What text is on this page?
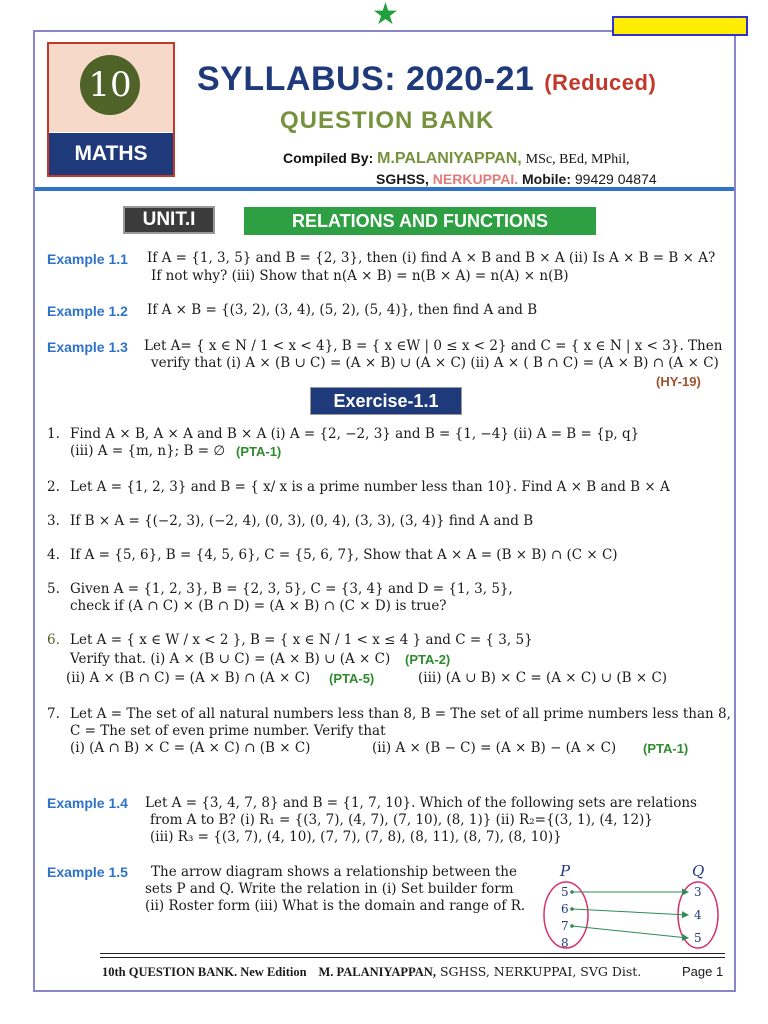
★
10
MATHS
SYLLABUS: 2020-21 (Reduced)
QUESTION BANK
Compiled By: M.PALANIYAPPAN, MSc, BEd, MPhil,
SGHSS, NERKUPPAI. Mobile: 99429 04874
UNIT.I	RELATIONS AND FUNCTIONS
Example 1.1 If A = {1, 3, 5} and B = {2, 3}, then (i) find A × B and B × A (ii) Is A × B = B × A?
If not why? (iii) Show that n(A × B) = n(B × A) = n(A) × n(B)
Example 1.2 If A × B = {(3, 2), (3, 4), (5, 2), (5, 4)}, then find A and B
Example 1.3 Let A= { x ∈ N / 1 < x < 4}, B = { x ∈W | 0 ≤ x < 2} and C = { x ∈ N | x < 3}. Then
verify that (i) A × (B ∪ C) = (A × B) ∪ (A × C) (ii) A × ( B ∩ C) = (A × B) ∩ (A × C)
(HY-19)
Exercise-1.1
1. Find A × B, A × A and B × A (i) A = {2, −2, 3} and B = {1, −4} (ii) A = B = {p, q}
(iii) A = {m, n}; B = ∅ (PTA-1)
2. Let A = {1, 2, 3} and B = { x/ x is a prime number less than 10}. Find A × B and B × A
3. If B × A = {(−2, 3), (−2, 4), (0, 3), (0, 4), (3, 3), (3, 4)} find A and B
4. If A = {5, 6}, B = {4, 5, 6}, C = {5, 6, 7}, Show that A × A = (B × B) ∩ (C × C)
5. Given A = {1, 2, 3}, B = {2, 3, 5}, C = {3, 4} and D = {1, 3, 5},
check if (A ∩ C) × (B ∩ D) = (A × B) ∩ (C × D) is true?
6. Let A = { x ∈ W / x < 2 }, B = { x ∈ N / 1 < x ≤ 4 } and C = { 3, 5}
Verify that. (i) A × (B ∪ C) = (A × B) ∪ (A × C) (PTA-2)
(ii) A × (B ∩ C) = (A × B) ∩ (A × C) (PTA-5)	(iii) (A ∪ B) × C = (A × C) ∪ (B × C)
7. Let A = The set of all natural numbers less than 8, B = The set of all prime numbers less than 8,
C = The set of even prime number. Verify that
(i) (A ∩ B) × C = (A × C) ∩ (B × C)	(ii) A × (B − C) = (A × B) − (A × C) (PTA-1)
Example 1.4 Let A = {3, 4, 7, 8} and B = {1, 7, 10}. Which of the following sets are relations
from A to B? (i) R₁ = {(3, 7), (4, 7), (7, 10), (8, 1)} (ii) R₂={(3, 1), (4, 12)}
(iii) R₃ = {(3, 7), (4, 10), (7, 7), (7, 8), (8, 11), (8, 7), (8, 10)}
Example 1.5 The arrow diagram shows a relationship between the
sets P and Q. Write the relation in (i) Set builder form
(ii) Roster form (iii) What is the domain and range of R.
P	Q
5
6
7
8
3
4
5
10th QUESTION BANK. New Edition M. PALANIYAPPAN, SGHSS, NERKUPPAI, SVG Dist.	Page 1
